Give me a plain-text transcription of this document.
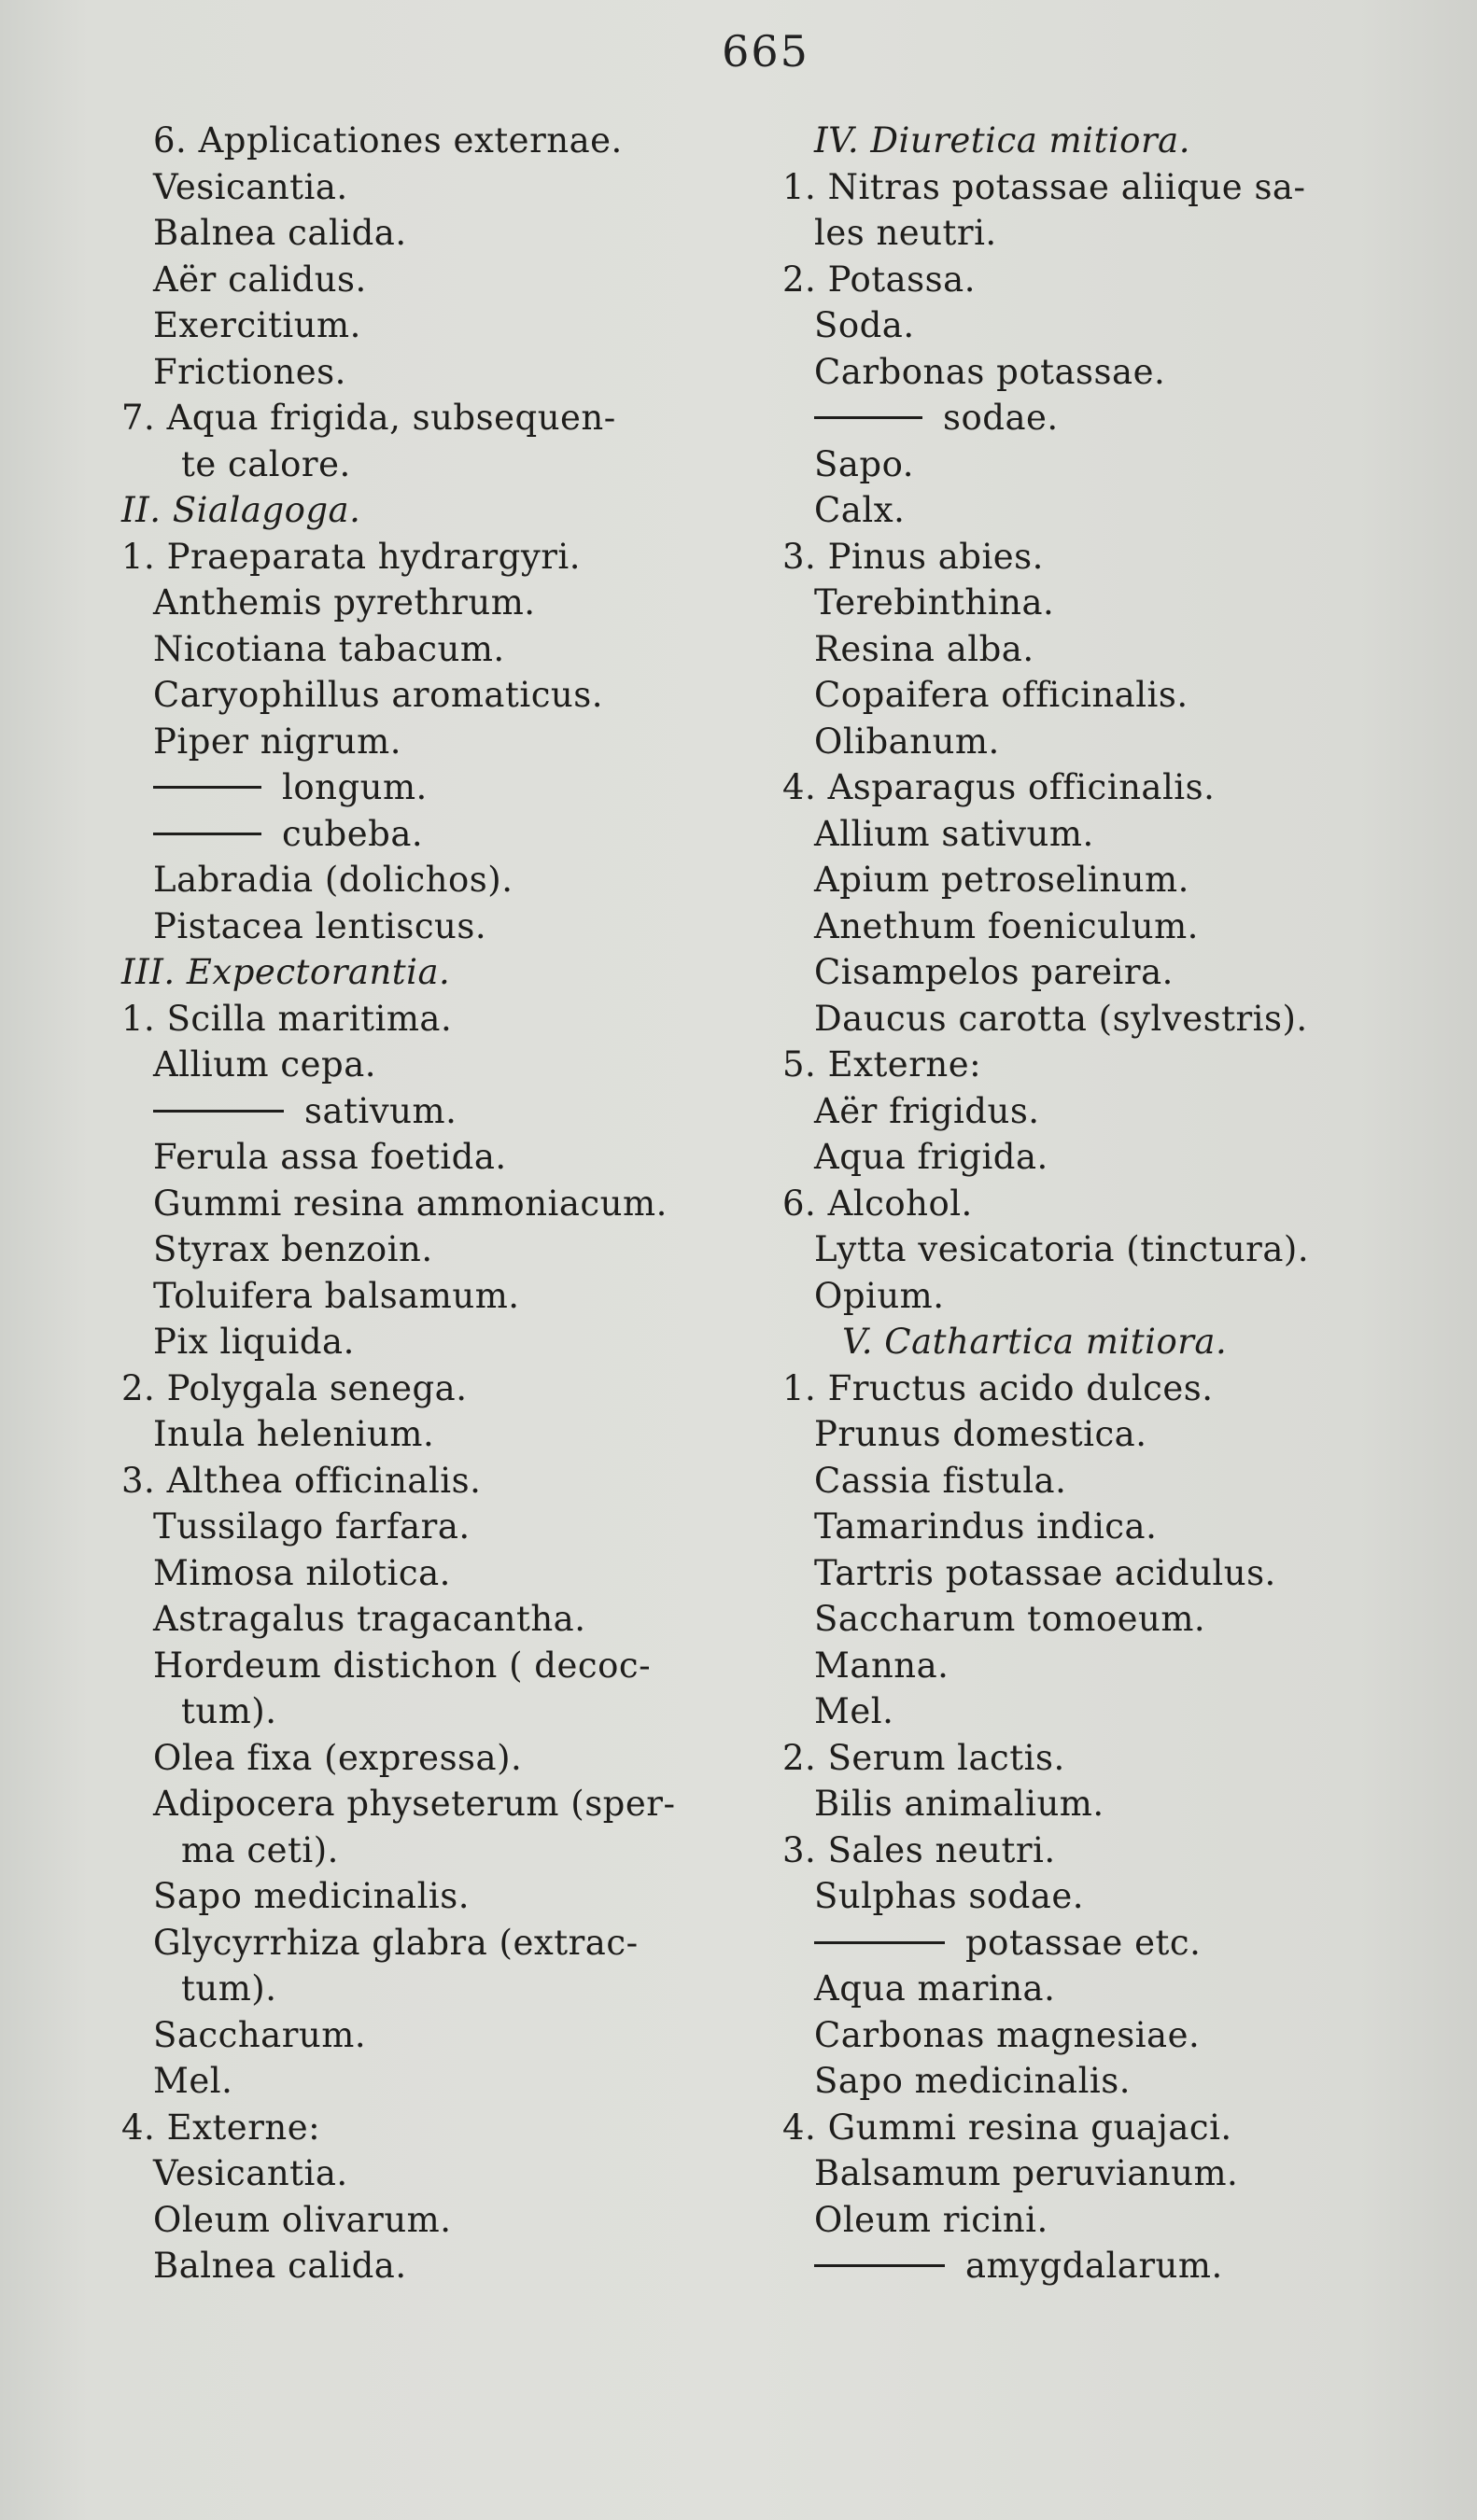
665
6. Applicationes externae.
Vesicantia.
Balnea calida.
Aër calidus.
Exercitium.
Frictiones.
7. Aqua frigida, subsequen-
te calore.
II. Sialagoga.
1. Praeparata hydrargyri.
Anthemis pyrethrum.
Nicotiana tabacum.
Caryophillus aromaticus.
Piper nigrum.
longum.
cubeba.
Labradia (dolichos).
Pistacea lentiscus.
III. Expectorantia.
1. Scilla maritima.
Allium cepa.
sativum.
Ferula assa foetida.
Gummi resina ammoniacum.
Styrax benzoin.
Toluifera balsamum.
Pix liquida.
2. Polygala senega.
Inula helenium.
3. Althea officinalis.
Tussilago farfara.
Mimosa nilotica.
Astragalus tragacantha.
Hordeum distichon ( decoc-
tum).
Olea fixa (expressa).
Adipocera physeterum (sper-
ma ceti).
Sapo medicinalis.
Glycyrrhiza glabra (extrac-
tum).
Saccharum.
Mel.
4. Externe:
Vesicantia.
Oleum olivarum.
Balnea calida.
IV. Diuretica mitiora.
1. Nitras potassae aliique sa-
les neutri.
2. Potassa.
Soda.
Carbonas potassae.
sodae.
Sapo.
Calx.
3. Pinus abies.
Terebinthina.
Resina alba.
Copaifera officinalis.
Olibanum.
4. Asparagus officinalis.
Allium sativum.
Apium petroselinum.
Anethum foeniculum.
Cisampelos pareira.
Daucus carotta (sylvestris).
5. Externe:
Aër frigidus.
Aqua frigida.
6. Alcohol.
Lytta vesicatoria (tinctura).
Opium.
V. Cathartica mitiora.
1. Fructus acido dulces.
Prunus domestica.
Cassia fistula.
Tamarindus indica.
Tartris potassae acidulus.
Saccharum tomoeum.
Manna.
Mel.
2. Serum lactis.
Bilis animalium.
3. Sales neutri.
Sulphas sodae.
potassae etc.
Aqua marina.
Carbonas magnesiae.
Sapo medicinalis.
4. Gummi resina guajaci.
Balsamum peruvianum.
Oleum ricini.
amygdalarum.
